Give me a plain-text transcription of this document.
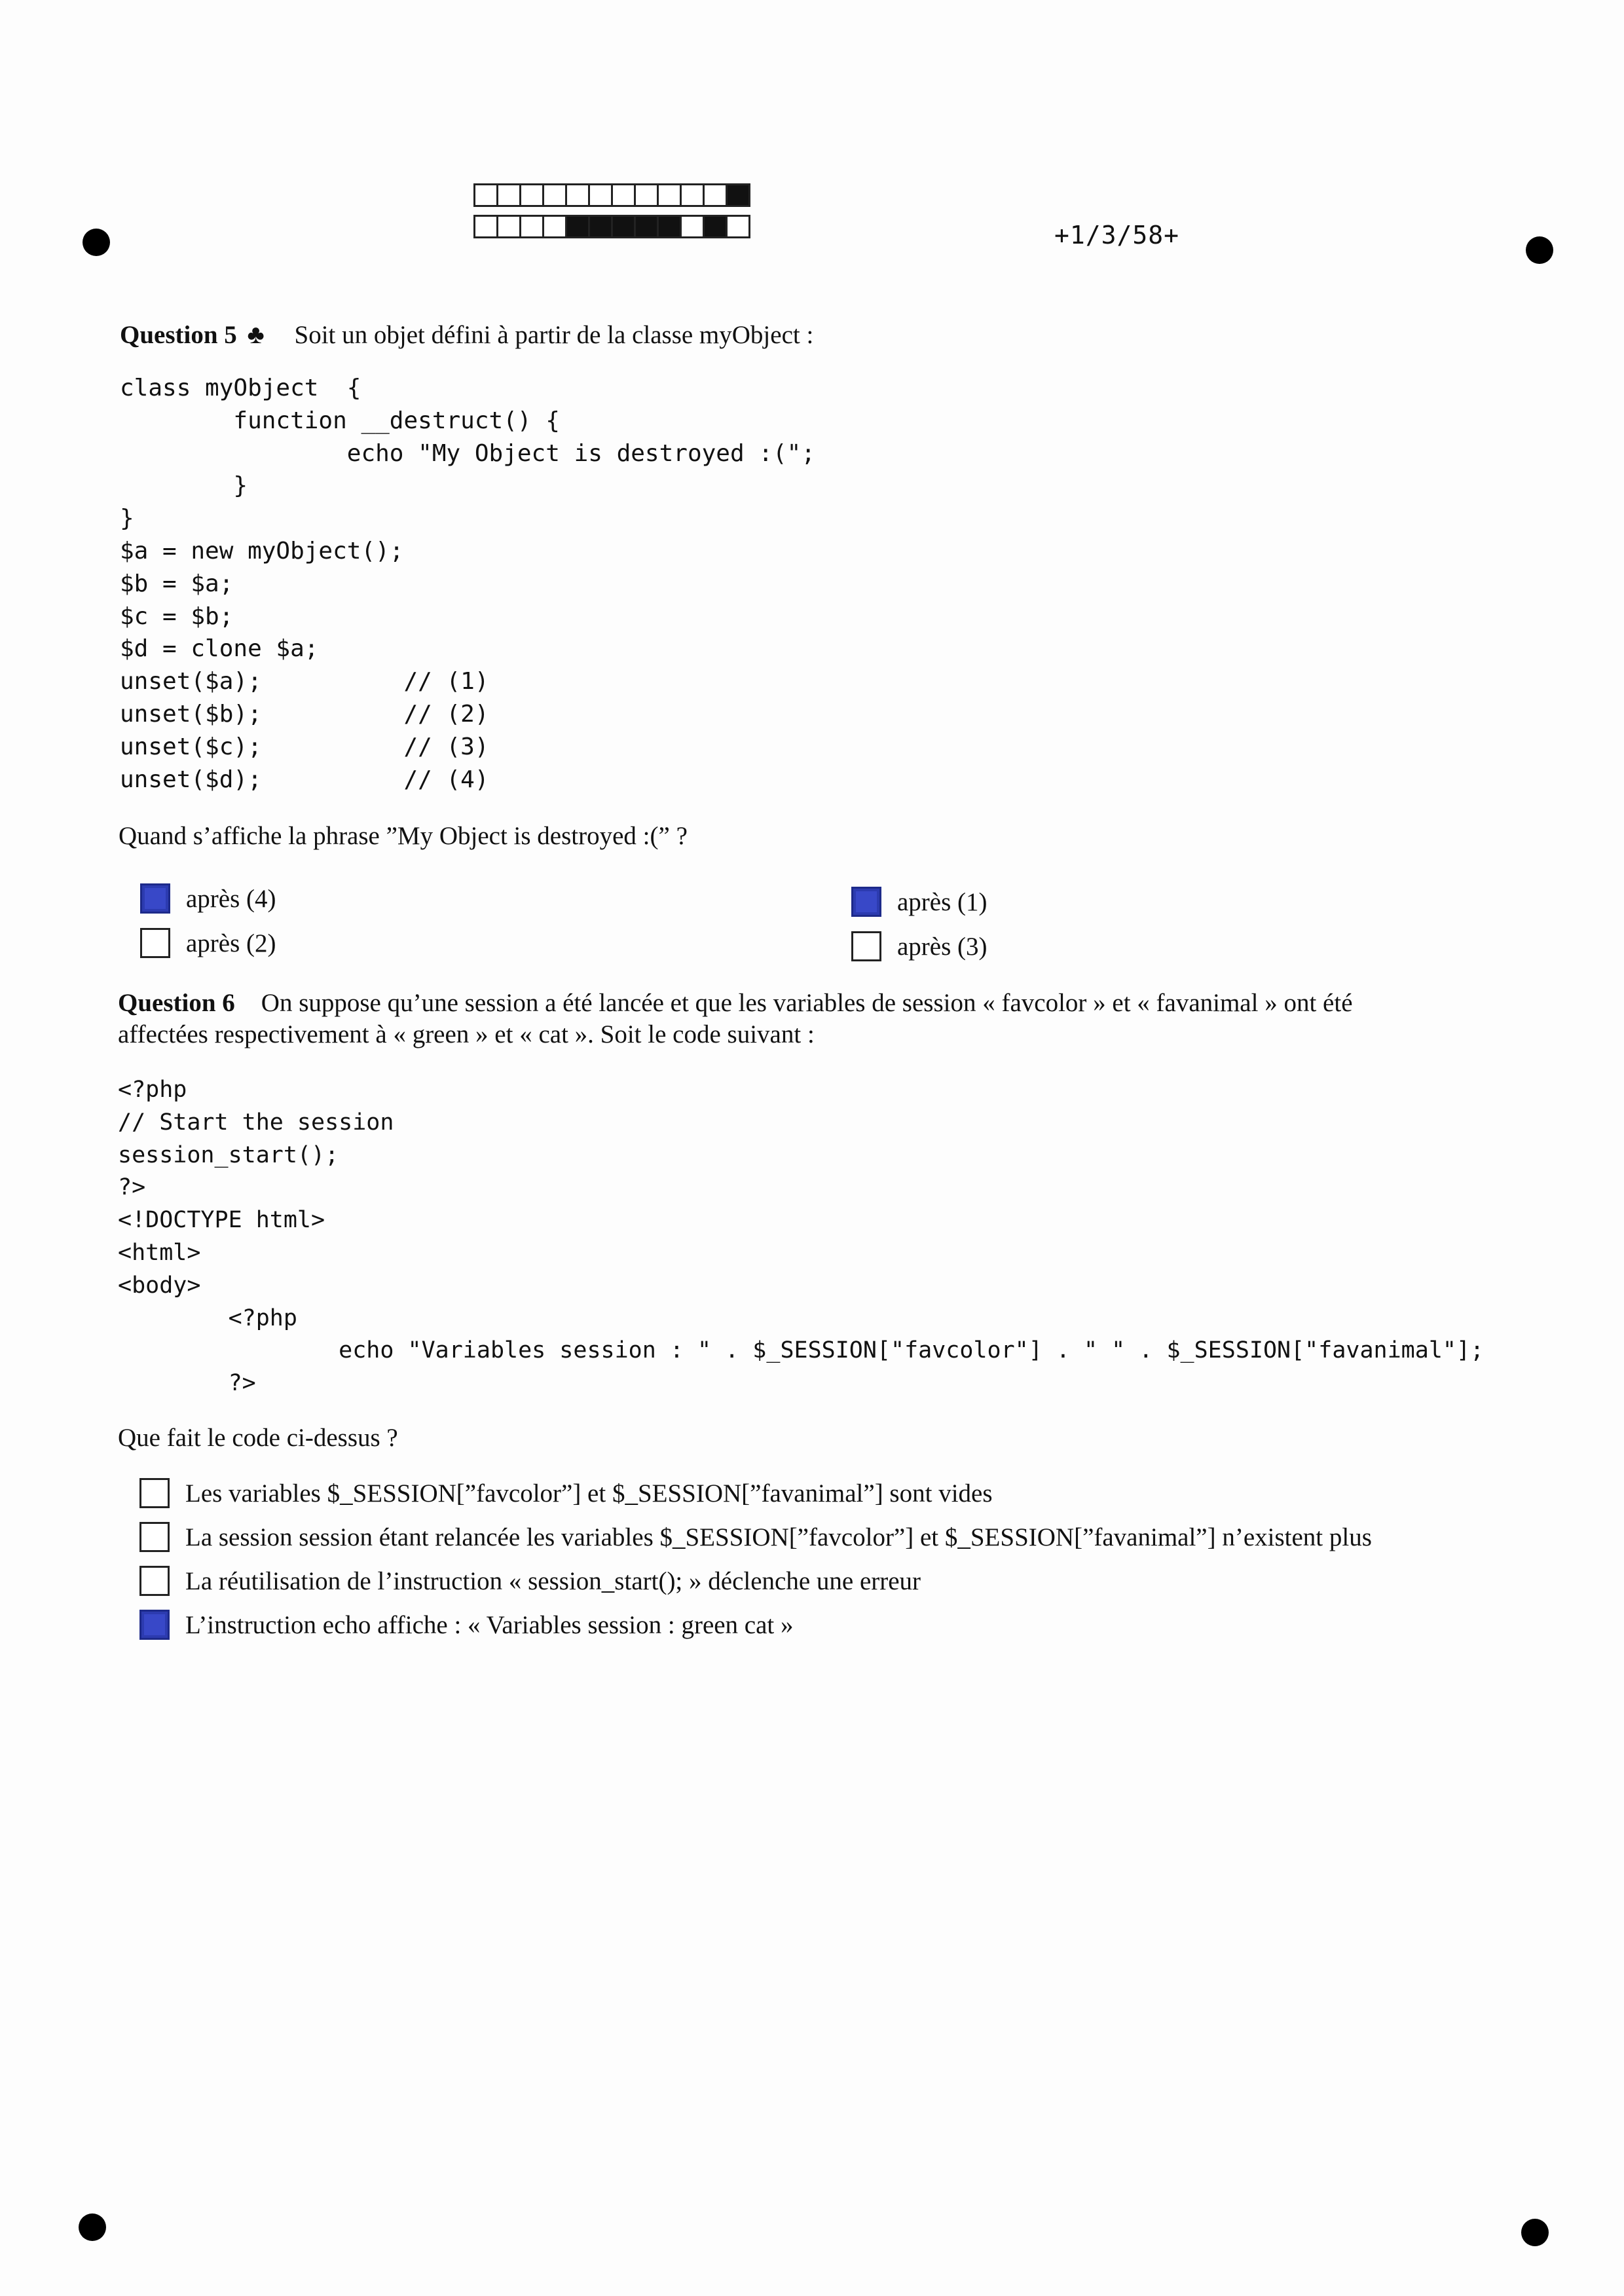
+1/3/58+
Question 5 ♣ Soit un objet défini à partir de la classe myObject :
class myObject  {
function __destruct() {
echo "My Object is destroyed :(";
}
}
$a = new myObject();
$b = $a;
$c = $b;
$d = clone $a;
unset($a);          // (1)
unset($b);          // (2)
unset($c);          // (3)
unset($d);          // (4)
Quand s’affiche la phrase ”My Object is destroyed :(” ?
après (4)
après (2)
après (1)
après (3)
Question 6 On suppose qu’une session a été lancée et que les variables de session « favcolor » et « favanimal » ont été
affectées respectivement à « green » et « cat ». Soit le code suivant :
<?php
// Start the session
session_start();
?>
<!DOCTYPE html>
<html>
<body>
<?php
echo "Variables session : " . $_SESSION["favcolor"] . " " . $_SESSION["favanimal"];
?>
Que fait le code ci-dessus ?
Les variables $_SESSION[”favcolor”] et $_SESSION[”favanimal”] sont vides
La session session étant relancée les variables $_SESSION[”favcolor”] et $_SESSION[”favanimal”] n’existent plus
La réutilisation de l’instruction « session_start(); » déclenche une erreur
L’instruction echo affiche : « Variables session : green cat »
